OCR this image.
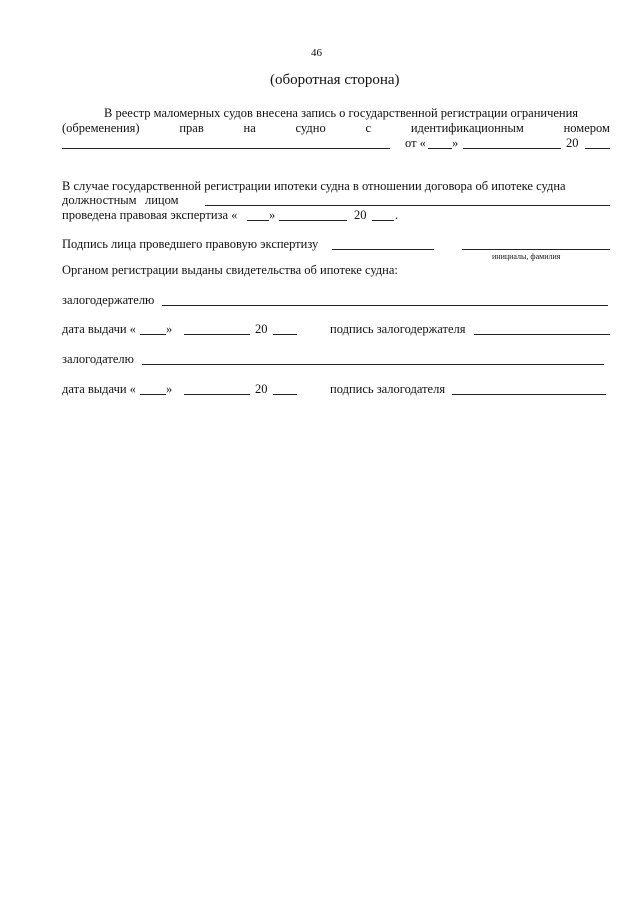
46
(оборотная сторона)
В реестр маломерных судов внесена запись о государственной регистрации ограничения
(обременения)	прав	на	судно	с	идентификационным	номером
от « »	20
В случае государственной регистрации ипотеки судна в отношении договора об ипотеке судна
должностным лицом
проведена правовая экспертиза «	»	20 .
Подпись лица проведшего правовую экспертизу
инициалы, фамилия
Органом регистрации выданы свидетельства об ипотеке судна:
залогодержателю
дата выдачи « »	20	подпись залогодержателя
залогодателю
дата выдачи « »	20	подпись залогодателя
